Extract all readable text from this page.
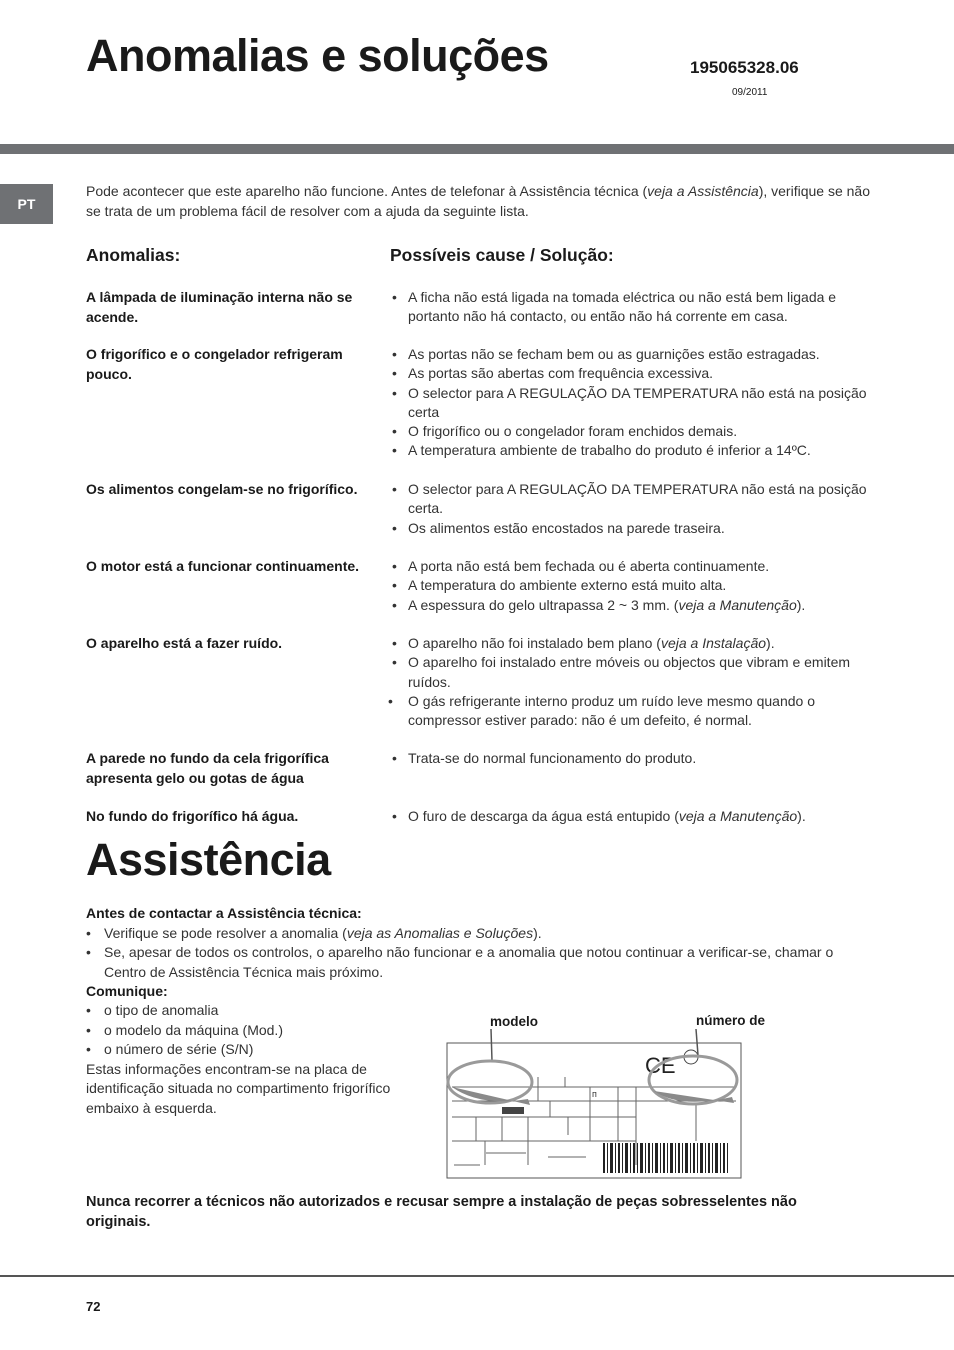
Anomalias e soluções	195065328.06
09/2011
PT
Pode acontecer que este aparelho não funcione. Antes de telefonar à Assistência técnica (veja a Assistência), verifique se não se trata de um problema fácil de resolver com a ajuda da seguinte lista.
Anomalias:	Possíveis cause / Solução:
A lâmpada de iluminação interna não se acende.
• A ficha não está ligada na tomada eléctrica ou não está bem ligada e portanto não há contacto, ou então não há corrente em casa.
O frigorífico e o congelador refrigeram pouco.
• As portas não se fecham bem ou as guarnições estão estragadas.
• As portas são abertas com frequência excessiva.
• O selector para A REGULAÇÃO DA TEMPERATURA não está na posição certa
• O frigorífico ou o congelador foram enchidos demais.
• A temperatura ambiente de trabalho do produto é inferior a 14ºC.
Os alimentos congelam-se no frigorífico.	• O selector para A REGULAÇÃO DA TEMPERATURA não está na posição certa.
• Os alimentos estão encostados na parede traseira.
O motor está a funcionar continuamente.	• A porta não está bem fechada ou é aberta continuamente.
• A temperatura do ambiente externo está muito alta.
• A espessura do gelo ultrapassa 2 ~ 3 mm. (veja a Manutenção).
O aparelho está a fazer ruído.	• O aparelho não foi instalado bem plano (veja a Instalação).
• O aparelho foi instalado entre móveis ou objectos que vibram e emitem ruídos.
• O gás refrigerante interno produz um ruído leve mesmo quando o compressor estiver parado: não é um defeito, é normal.
A parede no fundo da cela frigorífica apresenta gelo ou gotas de água
• Trata-se do normal funcionamento do produto.
No fundo do frigorífico há água.	• O furo de descarga da água está entupido (veja a Manutenção).
Assistência
Antes de contactar a Assistência técnica:
• Verifique se pode resolver a anomalia (veja as Anomalias e Soluções).
• Se, apesar de todos os controlos, o aparelho não funcionar e a anomalia que notou continuar a verificar-se, chamar o Centro de Assistência Técnica mais próximo.
Comunique:
• o tipo de anomalia
• o modelo da máquina (Mod.)
• o número de série (S/N)
Estas informações encontram-se na placa de identificação situada no compartimento frigorífico embaixo à esquerda.
modelo	número de
ᴨ
CE
Nunca recorrer a técnicos não autorizados e recusar sempre a instalação de peças sobresselentes não originais.
72
